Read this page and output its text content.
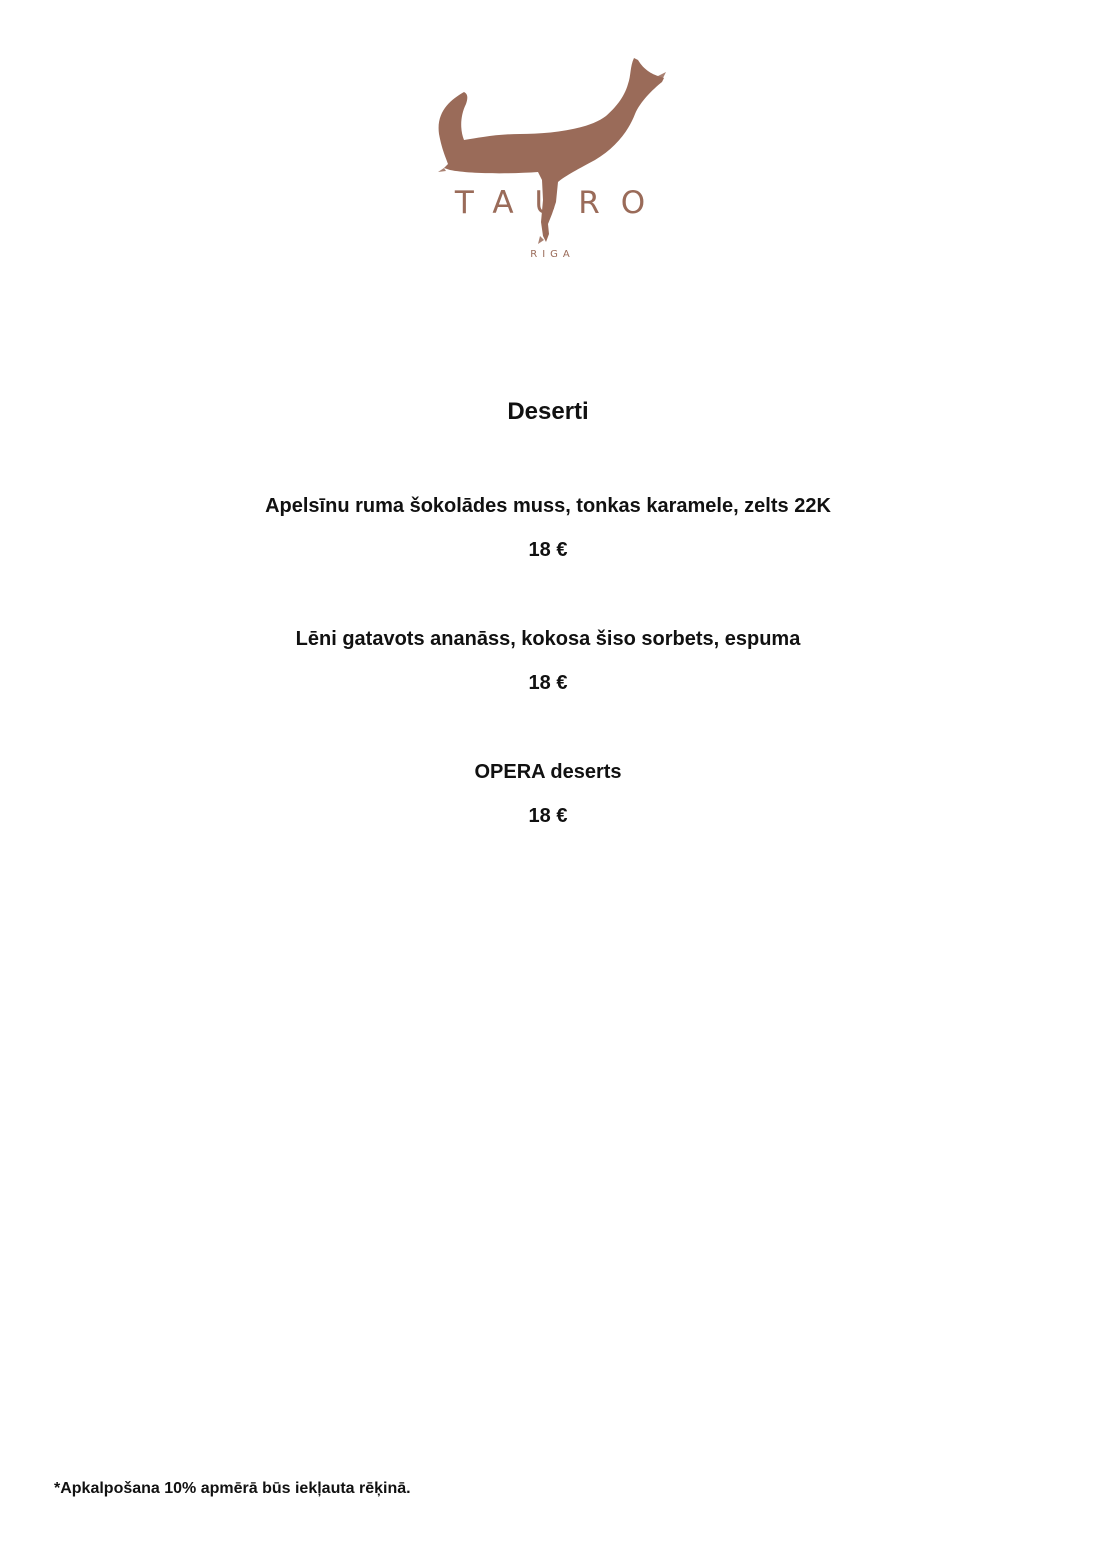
TAURO
RIGA
Deserti
Apelsīnu ruma šokolādes muss, tonkas karamele, zelts 22K
18 €
Lēni gatavots ananāss, kokosa šiso sorbets, espuma
18 €
OPERA deserts
18 €
*Apkalpošana 10% apmērā būs iekļauta rēķinā.
